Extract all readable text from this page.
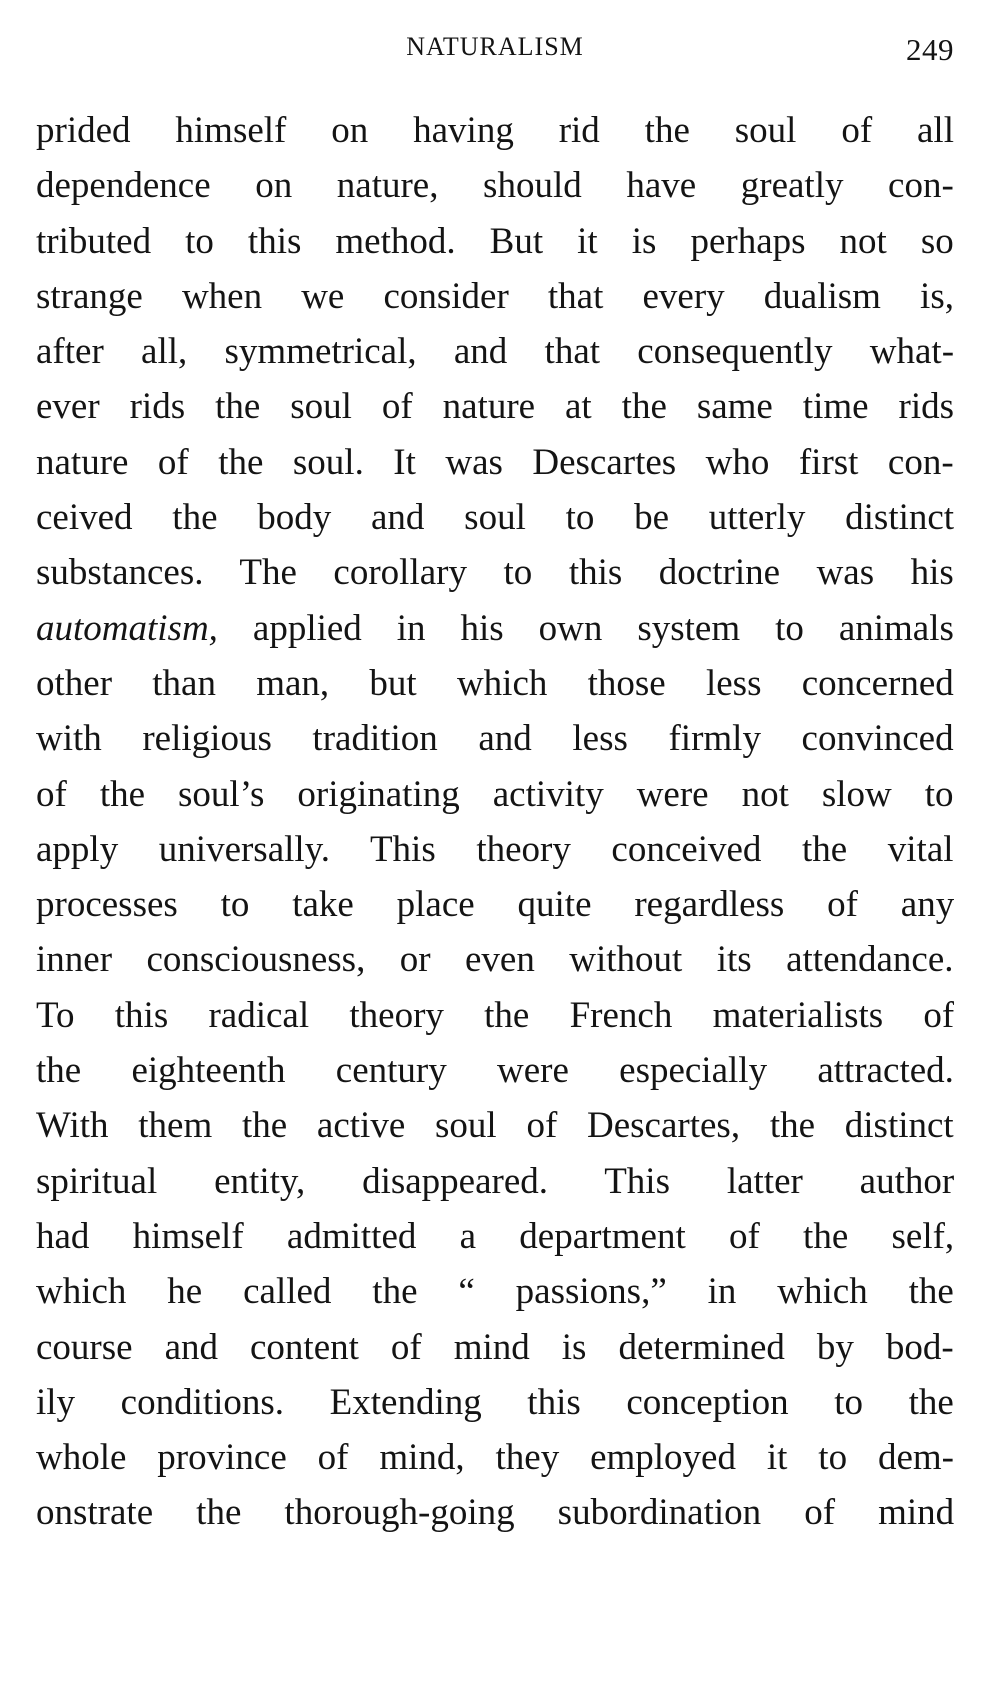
NATURALISM	249
prided himself on having rid the soul of all
dependence on nature, should have greatly con-
tributed to this method. But it is perhaps not so
strange when we consider that every dualism is,
after all, symmetrical, and that consequently what-
ever rids the soul of nature at the same time rids
nature of the soul. It was Descartes who first con-
ceived the body and soul to be utterly distinct
substances. The corollary to this doctrine was his
automatism, applied in his own system to animals
other than man, but which those less concerned
with religious tradition and less firmly convinced
of the soul’s originating activity were not slow to
apply universally. This theory conceived the vital
processes to take place quite regardless of any
inner consciousness, or even without its attendance.
To this radical theory the French materialists of
the eighteenth century were especially attracted.
With them the active soul of Descartes, the distinct
spiritual entity, disappeared. This latter author
had himself admitted a department of the self,
which he called the “ passions,” in which the
course and content of mind is determined by bod-
ily conditions. Extending this conception to the
whole province of mind, they employed it to dem-
onstrate the thorough-going subordination of mind
